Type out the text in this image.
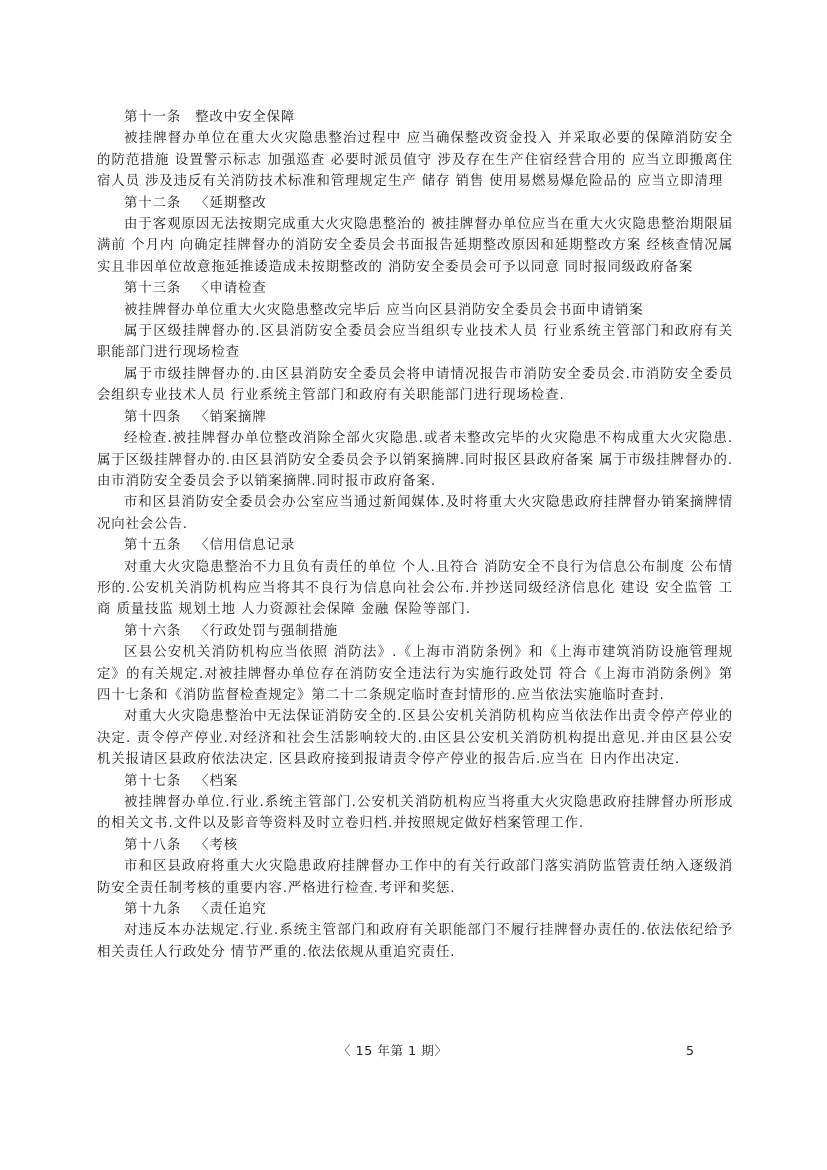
第十一条 整改中安全保障

被挂牌督办单位在重大火灾隐患整治过程中 应当确保整改资金投入 并采取必要的保障消防安全的防范措施 设置警示标志 加强巡查 必要时派员值守 涉及存在生产住宿经营合用的 应当立即搬离住宿人员 涉及违反有关消防技术标准和管理规定生产 储存 销售 使用易燃易爆危险品的 应当立即清理

第十二条 〈延期整改

由于客观原因无法按期完成重大火灾隐患整治的 被挂牌督办单位应当在重大火灾隐患整治期限届满前 个月内 向确定挂牌督办的消防安全委员会书面报告延期整改原因和延期整改方案 经核查情况属实且非因单位故意拖延推诿造成未按期整改的 消防安全委员会可予以同意 同时报同级政府备案

第十三条 〈申请检查

被挂牌督办单位重大火灾隐患整改完毕后 应当向区县消防安全委员会书面申请销案

属于区级挂牌督办的.区县消防安全委员会应当组织专业技术人员 行业系统主管部门和政府有关职能部门进行现场检查

属于市级挂牌督办的.由区县消防安全委员会将申请情况报告市消防安全委员会.市消防安全委员会组织专业技术人员 行业系统主管部门和政府有关职能部门进行现场检查.

第十四条 〈销案摘牌

经检查.被挂牌督办单位整改消除全部火灾隐患.或者未整改完毕的火灾隐患不构成重大火灾隐患.属于区级挂牌督办的.由区县消防安全委员会予以销案摘牌.同时报区县政府备案 属于市级挂牌督办的.由市消防安全委员会予以销案摘牌.同时报市政府备案.

市和区县消防安全委员会办公室应当通过新闻媒体.及时将重大火灾隐患政府挂牌督办销案摘牌情况向社会公告.

第十五条 〈信用信息记录

对重大火灾隐患整治不力且负有责任的单位 个人.且符合 消防安全不良行为信息公布制度 公布情形的.公安机关消防机构应当将其不良行为信息向社会公布.并抄送同级经济信息化 建设 安全监管 工商 质量技监 规划土地 人力资源社会保障 金融 保险等部门.

第十六条 〈行政处罚与强制措施

区县公安机关消防机构应当依照 消防法》.《上海市消防条例》和《上海市建筑消防设施管理规定》的有关规定.对被挂牌督办单位存在消防安全违法行为实施行政处罚 符合《上海市消防条例》第四十七条和《消防监督检查规定》第二十二条规定临时查封情形的.应当依法实施临时查封.

对重大火灾隐患整治中无法保证消防安全的.区县公安机关消防机构应当依法作出责令停产停业的决定. 责令停产停业.对经济和社会生活影响较大的.由区县公安机关消防机构提出意见.并由区县公安机关报请区县政府依法决定. 区县政府接到报请责令停产停业的报告后.应当在 日内作出决定.

第十七条 〈档案

被挂牌督办单位.行业.系统主管部门.公安机关消防机构应当将重大火灾隐患政府挂牌督办所形成的相关文书.文件以及影音等资料及时立卷归档.并按照规定做好档案管理工作.

第十八条 〈考核

市和区县政府将重大火灾隐患政府挂牌督办工作中的有关行政部门落实消防监管责任纳入逐级消防安全责任制考核的重要内容.严格进行检查.考评和奖惩.

第十九条 〈责任追究

对违反本办法规定.行业.系统主管部门和政府有关职能部门不履行挂牌督办责任的.依法依纪给予相关责任人行政处分 情节严重的.依法依规从重追究责任.

〈 15 年第 1 期〉	5
